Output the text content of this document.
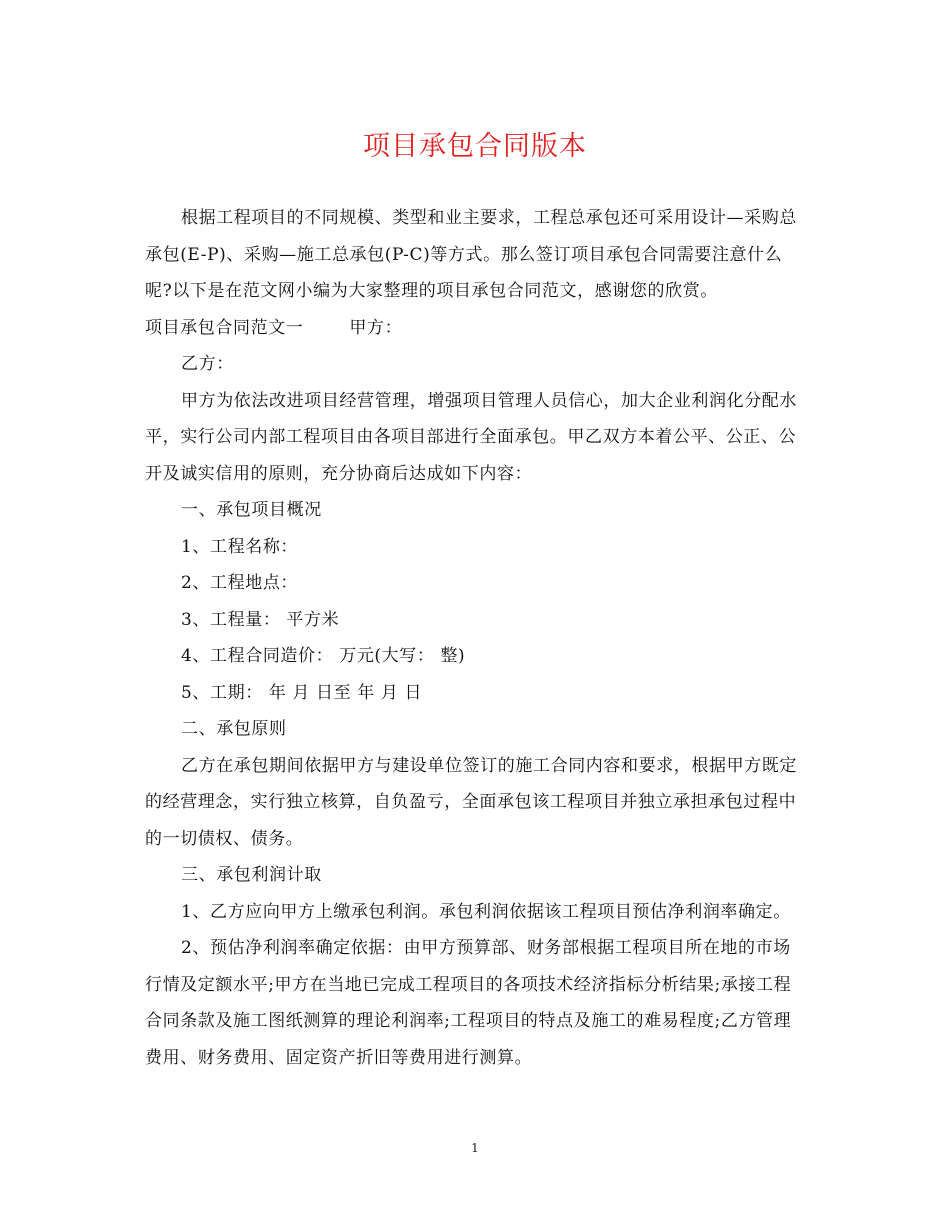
项目承包合同版本

根据工程项目的不同规模、类型和业主要求，工程总承包还可采用设计—采购总承包(E-P)、采购—施工总承包(P-C)等方式。那么签订项目承包合同需要注意什么呢?以下是在范文网小编为大家整理的项目承包合同范文，感谢您的欣赏。

项目承包合同范文一	甲方：

乙方：

甲方为依法改进项目经营管理，增强项目管理人员信心，加大企业利润化分配水平，实行公司内部工程项目由各项目部进行全面承包。甲乙双方本着公平、公正、公开及诚实信用的原则，充分协商后达成如下内容：

一、承包项目概况

1、工程名称：

2、工程地点：

3、工程量： 平方米

4、工程合同造价： 万元(大写： 整)

5、工期： 年 月 日至 年 月 日

二、承包原则

乙方在承包期间依据甲方与建设单位签订的施工合同内容和要求，根据甲方既定的经营理念，实行独立核算，自负盈亏，全面承包该工程项目并独立承担承包过程中的一切债权、债务。

三、承包利润计取

1、乙方应向甲方上缴承包利润。承包利润依据该工程项目预估净利润率确定。

2、预估净利润率确定依据：由甲方预算部、财务部根据工程项目所在地的市场行情及定额水平;甲方在当地已完成工程项目的各项技术经济指标分析结果;承接工程合同条款及施工图纸测算的理论利润率;工程项目的特点及施工的难易程度;乙方管理费用、财务费用、固定资产折旧等费用进行测算。

1
